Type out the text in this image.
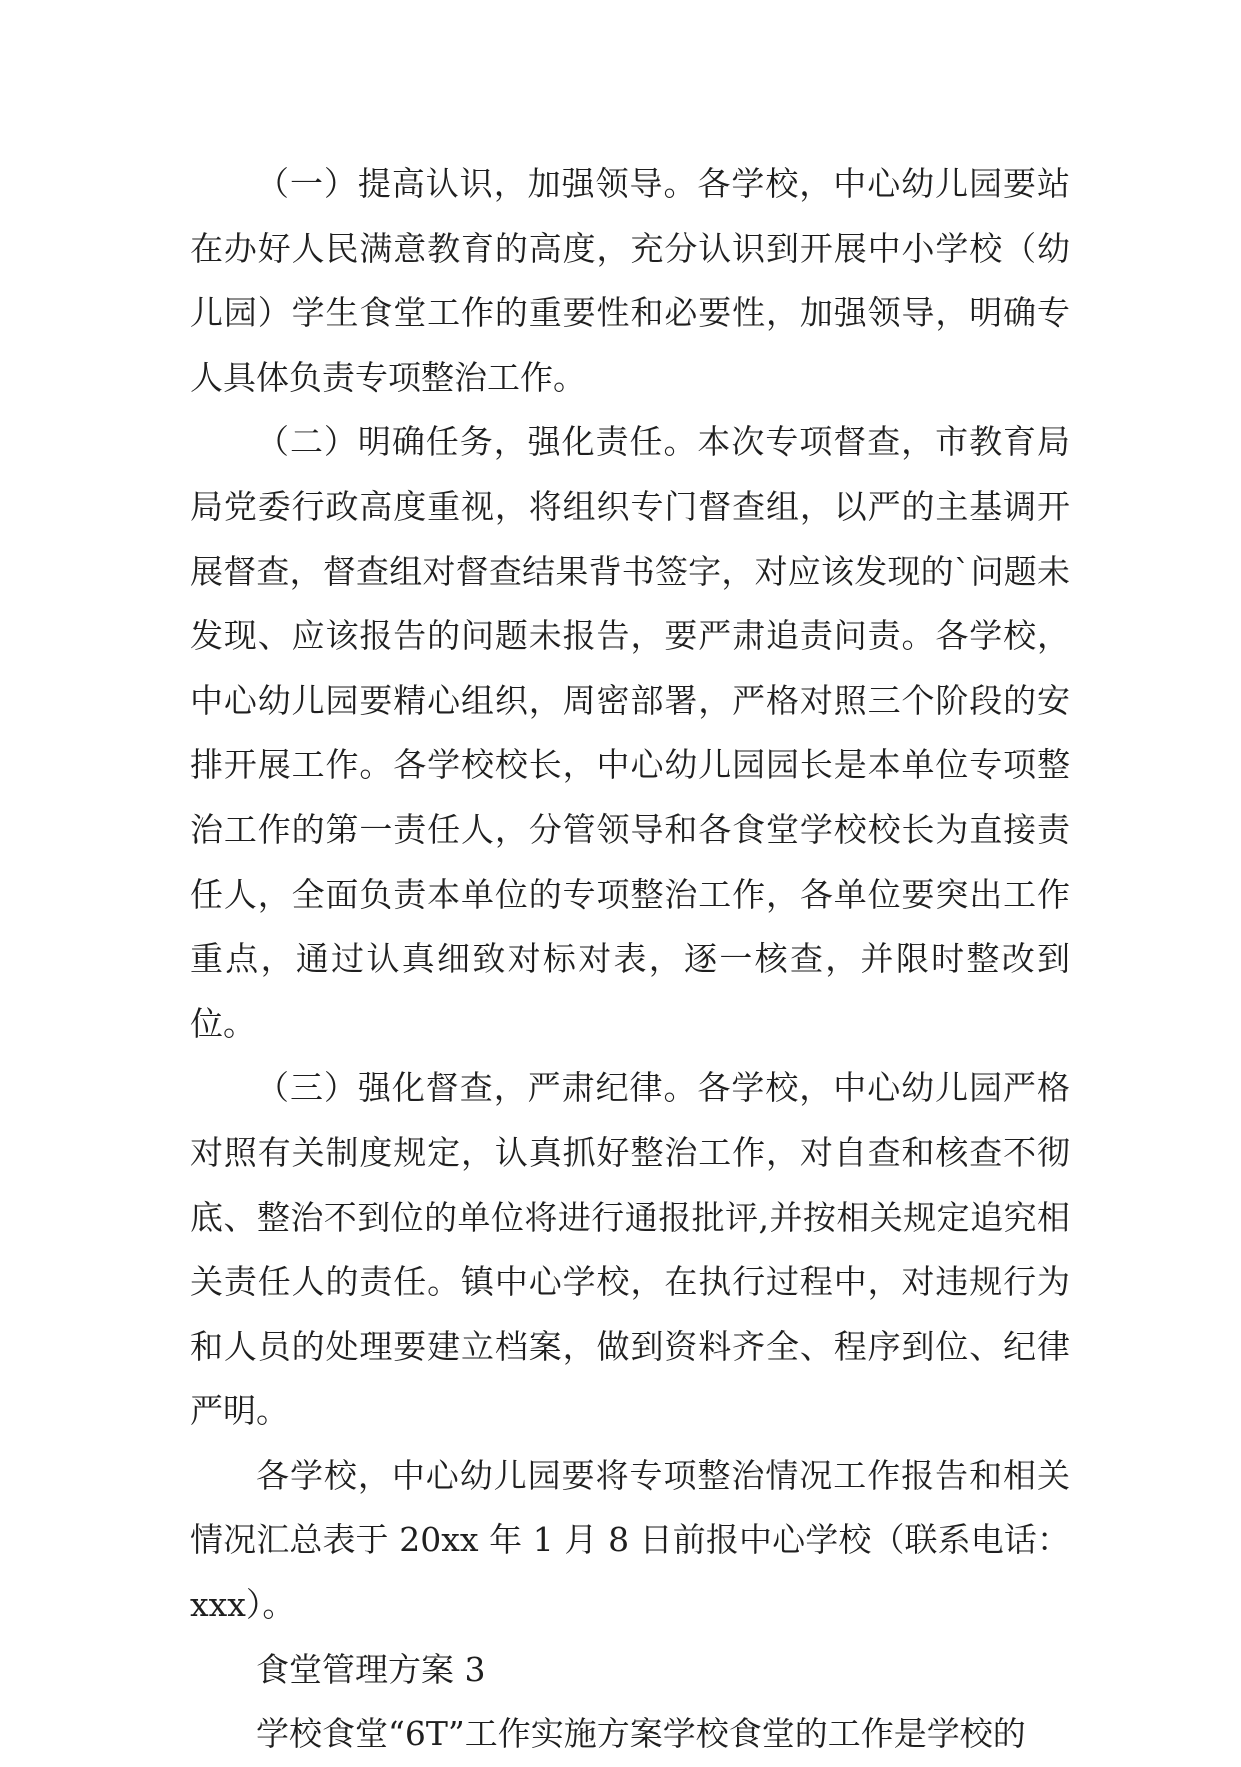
（一）提高认识，加强领导。各学校，中心幼儿园要站在办好人民满意教育的高度，充分认识到开展中小学校（幼儿园）学生食堂工作的重要性和必要性，加强领导，明确专人具体负责专项整治工作。

（二）明确任务，强化责任。本次专项督查，市教育局局党委行政高度重视，将组织专门督查组，以严的主基调开展督查，督查组对督查结果背书签字，对应该发现的`问题未发现、应该报告的问题未报告，要严肃追责问责。各学校，中心幼儿园要精心组织，周密部署，严格对照三个阶段的安排开展工作。各学校校长，中心幼儿园园长是本单位专项整治工作的第一责任人，分管领导和各食堂学校校长为直接责任人，全面负责本单位的专项整治工作，各单位要突出工作重点，通过认真细致对标对表，逐一核查，并限时整改到位。

（三）强化督查，严肃纪律。各学校，中心幼儿园严格对照有关制度规定，认真抓好整治工作，对自查和核查不彻底、整治不到位的单位将进行通报批评,并按相关规定追究相关责任人的责任。镇中心学校，在执行过程中，对违规行为和人员的处理要建立档案，做到资料齐全、程序到位、纪律严明。

各学校，中心幼儿园要将专项整治情况工作报告和相关情况汇总表于 20xx 年 1 月 8 日前报中心学校（联系电话：xxx）。

食堂管理方案 3

学校食堂“6T”工作实施方案学校食堂的工作是学校的
